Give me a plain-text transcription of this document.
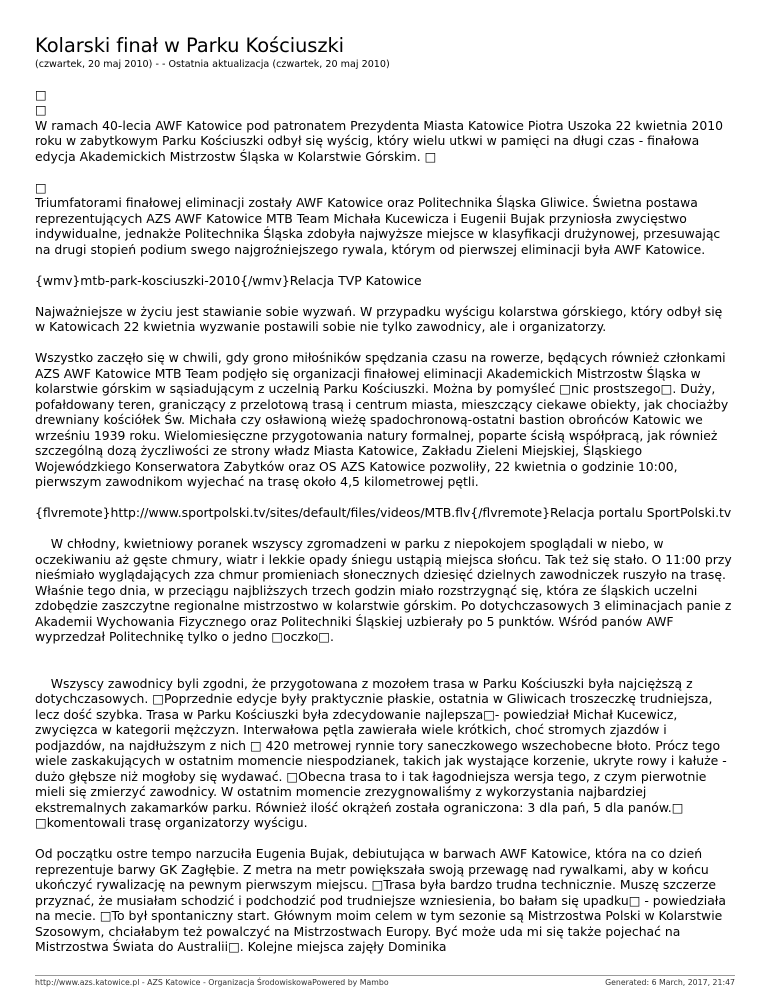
Kolarski finał w Parku Kościuszki
(czwartek, 20 maj 2010) - - Ostatnia aktualizacja (czwartek, 20 maj 2010)
□
□

W ramach 40-lecia AWF Katowice pod patronatem Prezydenta Miasta Katowice Piotra Uszoka 22 kwietnia 2010 roku w zabytkowym Parku Kościuszki odbył się wyścig, który wielu utkwi w pamięci na długi czas - finałowa edycja Akademickich Mistrzostw Śląska w Kolarstwie Górskim. □

□

Triumfatorami finałowej eliminacji zostały AWF Katowice oraz Politechnika Śląska Gliwice. Świetna postawa reprezentujących AZS AWF Katowice MTB Team Michała Kucewicza i Eugenii Bujak przyniosła zwycięstwo indywidualne, jednakże Politechnika Śląska zdobyła najwyższe miejsce w klasyfikacji drużynowej, przesuwając na drugi stopień podium swego najgroźniejszego rywala, którym od pierwszej eliminacji była AWF Katowice.

{wmv}mtb-park-kosciuszki-2010{/wmv}Relacja TVP Katowice

Najważniejsze w życiu jest stawianie sobie wyzwań. W przypadku wyścigu kolarstwa górskiego, który odbył się w Katowicach 22 kwietnia wyzwanie postawili sobie nie tylko zawodnicy, ale i organizatorzy.

Wszystko zaczęło się w chwili, gdy grono miłośników spędzania czasu na rowerze, będących również członkami AZS AWF Katowice MTB Team podjęło się organizacji finałowej eliminacji Akademickich Mistrzostw Śląska w kolarstwie górskim w sąsiadującym z uczelnią Parku Kościuszki. Można by pomyśleć □nic prostszego□. Duży, pofałdowany teren, graniczący z przelotową trasą i centrum miasta, mieszczący ciekawe obiekty, jak chociażby drewniany kościółek Św. Michała czy osławioną wieżę spadochronową-ostatni bastion obrońców Katowic we wrześniu 1939 roku. Wielomiesięczne przygotowania natury formalnej, poparte ścisłą współpracą, jak również szczególną dozą życzliwości ze strony władz Miasta Katowice, Zakładu Zieleni Miejskiej, Śląskiego Wojewódzkiego Konserwatora Zabytków oraz OS AZS Katowice pozwoliły, 22 kwietnia o godzinie 10:00, pierwszym zawodnikom wyjechać na trasę około 4,5 kilometrowej pętli.

{flvremote}http://www.sportpolski.tv/sites/default/files/videos/MTB.flv{/flvremote}Relacja portalu SportPolski.tv

W chłodny, kwietniowy poranek wszyscy zgromadzeni w parku z niepokojem spoglądali w niebo, w oczekiwaniu aż gęste chmury, wiatr i lekkie opady śniegu ustąpią miejsca słońcu. Tak też się stało. O 11:00 przy nieśmiało wyglądających zza chmur promieniach słonecznych dziesięć dzielnych zawodniczek ruszyło na trasę. Właśnie tego dnia, w przeciągu najbliższych trzech godzin miało rozstrzygnąć się, która ze śląskich uczelni zdobędzie zaszczytne regionalne mistrzostwo w kolarstwie górskim. Po dotychczasowych 3 eliminacjach panie z Akademii Wychowania Fizycznego oraz Politechniki Śląskiej uzbierały po 5 punktów. Wśród panów AWF wyprzedzał Politechnikę tylko o jedno □oczko□.

Wszyscy zawodnicy byli zgodni, że przygotowana z mozołem trasa w Parku Kościuszki była najcięższą z dotychczasowych. □Poprzednie edycje były praktycznie płaskie, ostatnia w Gliwicach troszeczkę trudniejsza, lecz dość szybka. Trasa w Parku Kościuszki była zdecydowanie najlepsza□- powiedział Michał Kucewicz, zwycięzca w kategorii mężczyzn. Interwałowa pętla zawierała wiele krótkich, choć stromych zjazdów i podjazdów, na najdłuższym z nich □ 420 metrowej rynnie tory saneczkowego wszechobecne błoto. Prócz tego wiele zaskakujących w ostatnim momencie niespodzianek, takich jak wystające korzenie, ukryte rowy i kałuże - dużo głębsze niż mogłoby się wydawać. □Obecna trasa to i tak łagodniejsza wersja tego, z czym pierwotnie mieli się zmierzyć zawodnicy. W ostatnim momencie zrezygnowaliśmy z wykorzystania najbardziej ekstremalnych zakamarków parku. Również ilość okrążeń została ograniczona: 3 dla pań, 5 dla panów.□ □komentowali trasę organizatorzy wyścigu.

Od początku ostre tempo narzuciła Eugenia Bujak, debiutująca w barwach AWF Katowice, która na co dzień reprezentuje barwy GK Zagłębie. Z metra na metr powiększała swoją przewagę nad rywalkami, aby w końcu ukończyć rywalizację na pewnym pierwszym miejscu. □Trasa była bardzo trudna technicznie. Muszę szczerze przyznać, że musiałam schodzić i podchodzić pod trudniejsze wzniesienia, bo bałam się upadku□ - powiedziała na mecie. □To był spontaniczny start. Głównym moim celem w tym sezonie są Mistrzostwa Polski w Kolarstwie Szosowym, chciałabym też powalczyć na Mistrzostwach Europy. Być może uda mi się także pojechać na Mistrzostwa Świata do Australii□. Kolejne miejsca zajęły Dominika

http://www.azs.katowice.pl - AZS Katowice - Organizacja ŚrodowiskowaPowered by Mambo	Generated: 6 March, 2017, 21:47
